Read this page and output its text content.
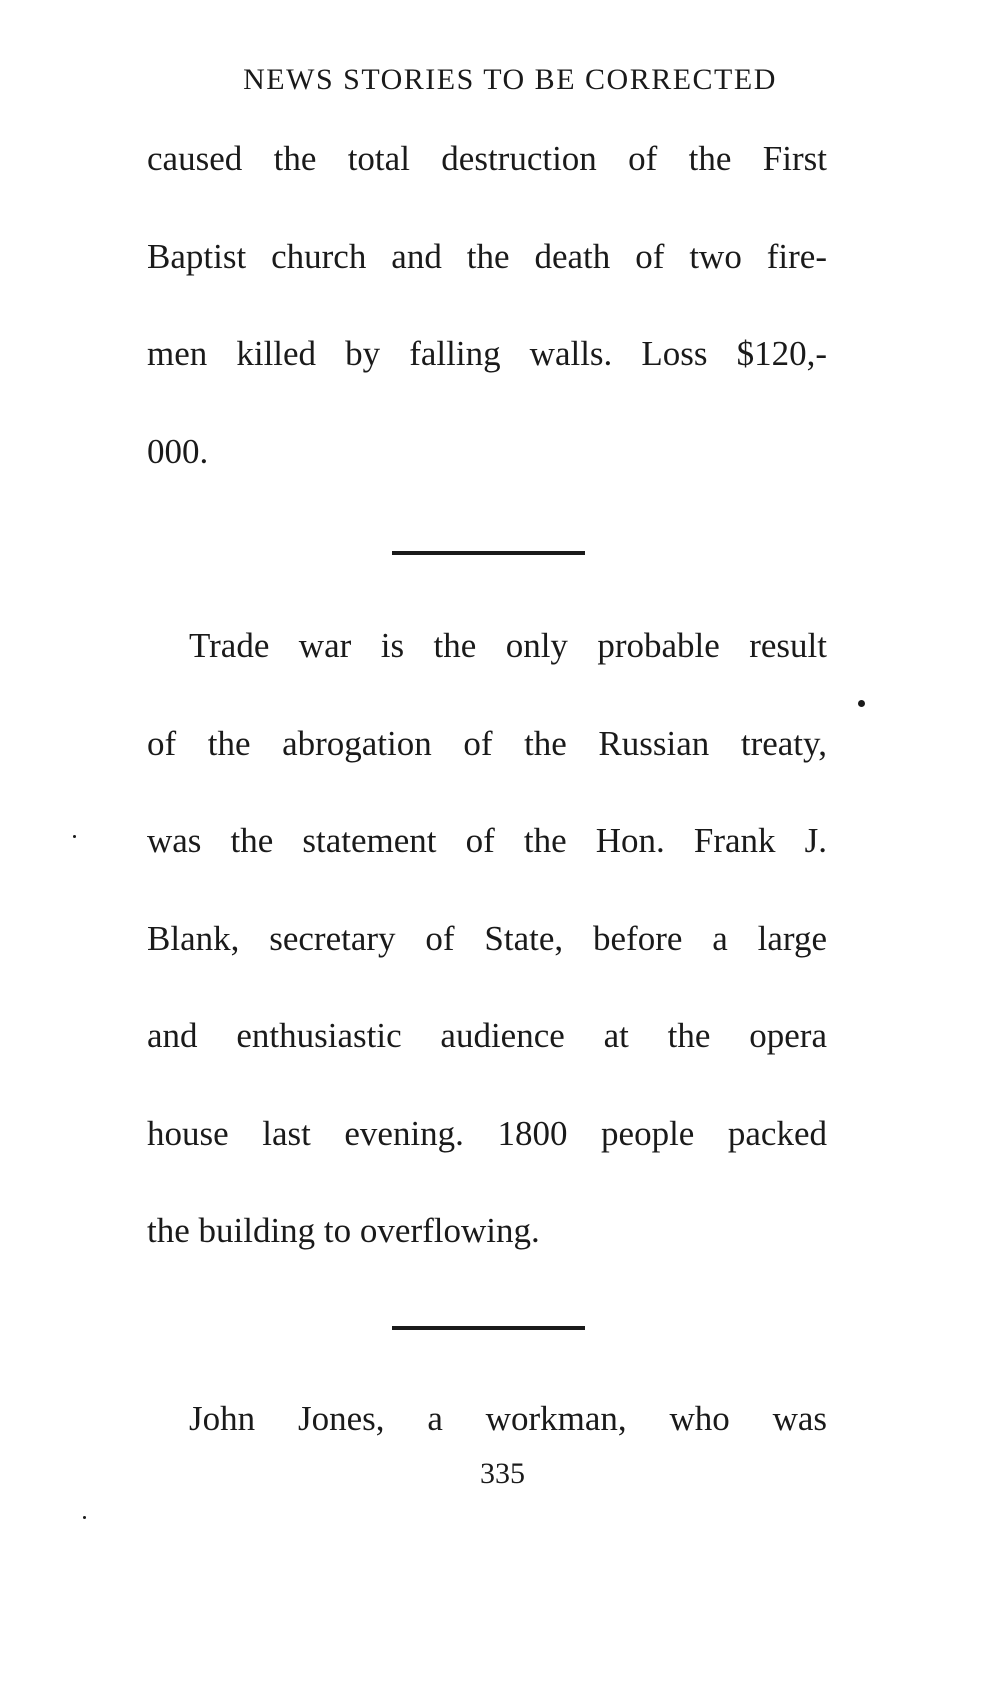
NEWS STORIES TO BE CORRECTED
caused the total destruction of the First
Baptist church and the death of two fire-
men killed by falling walls. Loss $120,-
000.
Trade war is the only probable result
of the abrogation of the Russian treaty,
was the statement of the Hon. Frank J.
Blank, secretary of State, before a large
and enthusiastic audience at the opera
house last evening. 1800 people packed
the building to overflowing.
John Jones, a workman, who was
335
